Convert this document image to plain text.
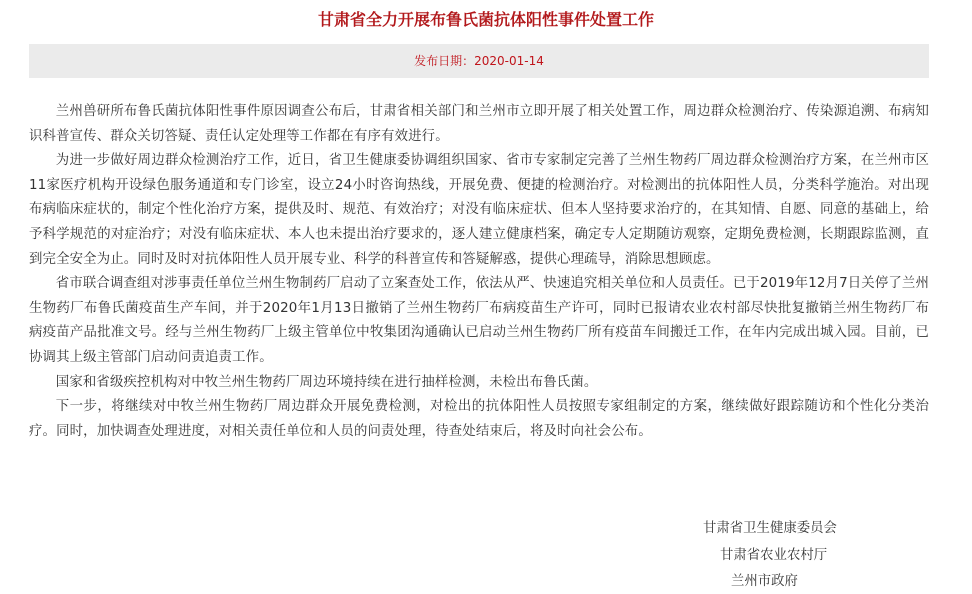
甘肃省全力开展布鲁氏菌抗体阳性事件处置工作
发布日期：2020-01-14

兰州兽研所布鲁氏菌抗体阳性事件原因调查公布后，甘肃省相关部门和兰州市立即开展了相关处置工作，周边群众检测治疗、传染源追溯、布病知识科普宣传、群众关切答疑、责任认定处理等工作都在有序有效进行。

为进一步做好周边群众检测治疗工作，近日，省卫生健康委协调组织国家、省市专家制定完善了兰州生物药厂周边群众检测治疗方案，在兰州市区11家医疗机构开设绿色服务通道和专门诊室，设立24小时咨询热线，开展免费、便捷的检测治疗。对检测出的抗体阳性人员，分类科学施治。对出现布病临床症状的，制定个性化治疗方案，提供及时、规范、有效治疗；对没有临床症状、但本人坚持要求治疗的，在其知情、自愿、同意的基础上，给予科学规范的对症治疗；对没有临床症状、本人也未提出治疗要求的，逐人建立健康档案，确定专人定期随访观察，定期免费检测，长期跟踪监测，直到完全安全为止。同时及时对抗体阳性人员开展专业、科学的科普宣传和答疑解惑，提供心理疏导，消除思想顾虑。

省市联合调查组对涉事责任单位兰州生物制药厂启动了立案查处工作，依法从严、快速追究相关单位和人员责任。已于2019年12月7日关停了兰州生物药厂布鲁氏菌疫苗生产车间，并于2020年1月13日撤销了兰州生物药厂布病疫苗生产许可，同时已报请农业农村部尽快批复撤销兰州生物药厂布病疫苗产品批准文号。经与兰州生物药厂上级主管单位中牧集团沟通确认已启动兰州生物药厂所有疫苗车间搬迁工作，在年内完成出城入园。目前，已协调其上级主管部门启动问责追责工作。

国家和省级疾控机构对中牧兰州生物药厂周边环境持续在进行抽样检测，未检出布鲁氏菌。

下一步，将继续对中牧兰州生物药厂周边群众开展免费检测，对检出的抗体阳性人员按照专家组制定的方案，继续做好跟踪随访和个性化分类治疗。同时，加快调查处理进度，对相关责任单位和人员的问责处理，待查处结束后，将及时向社会公布。

甘肃省卫生健康委员会
甘肃省农业农村厅
兰州市政府
